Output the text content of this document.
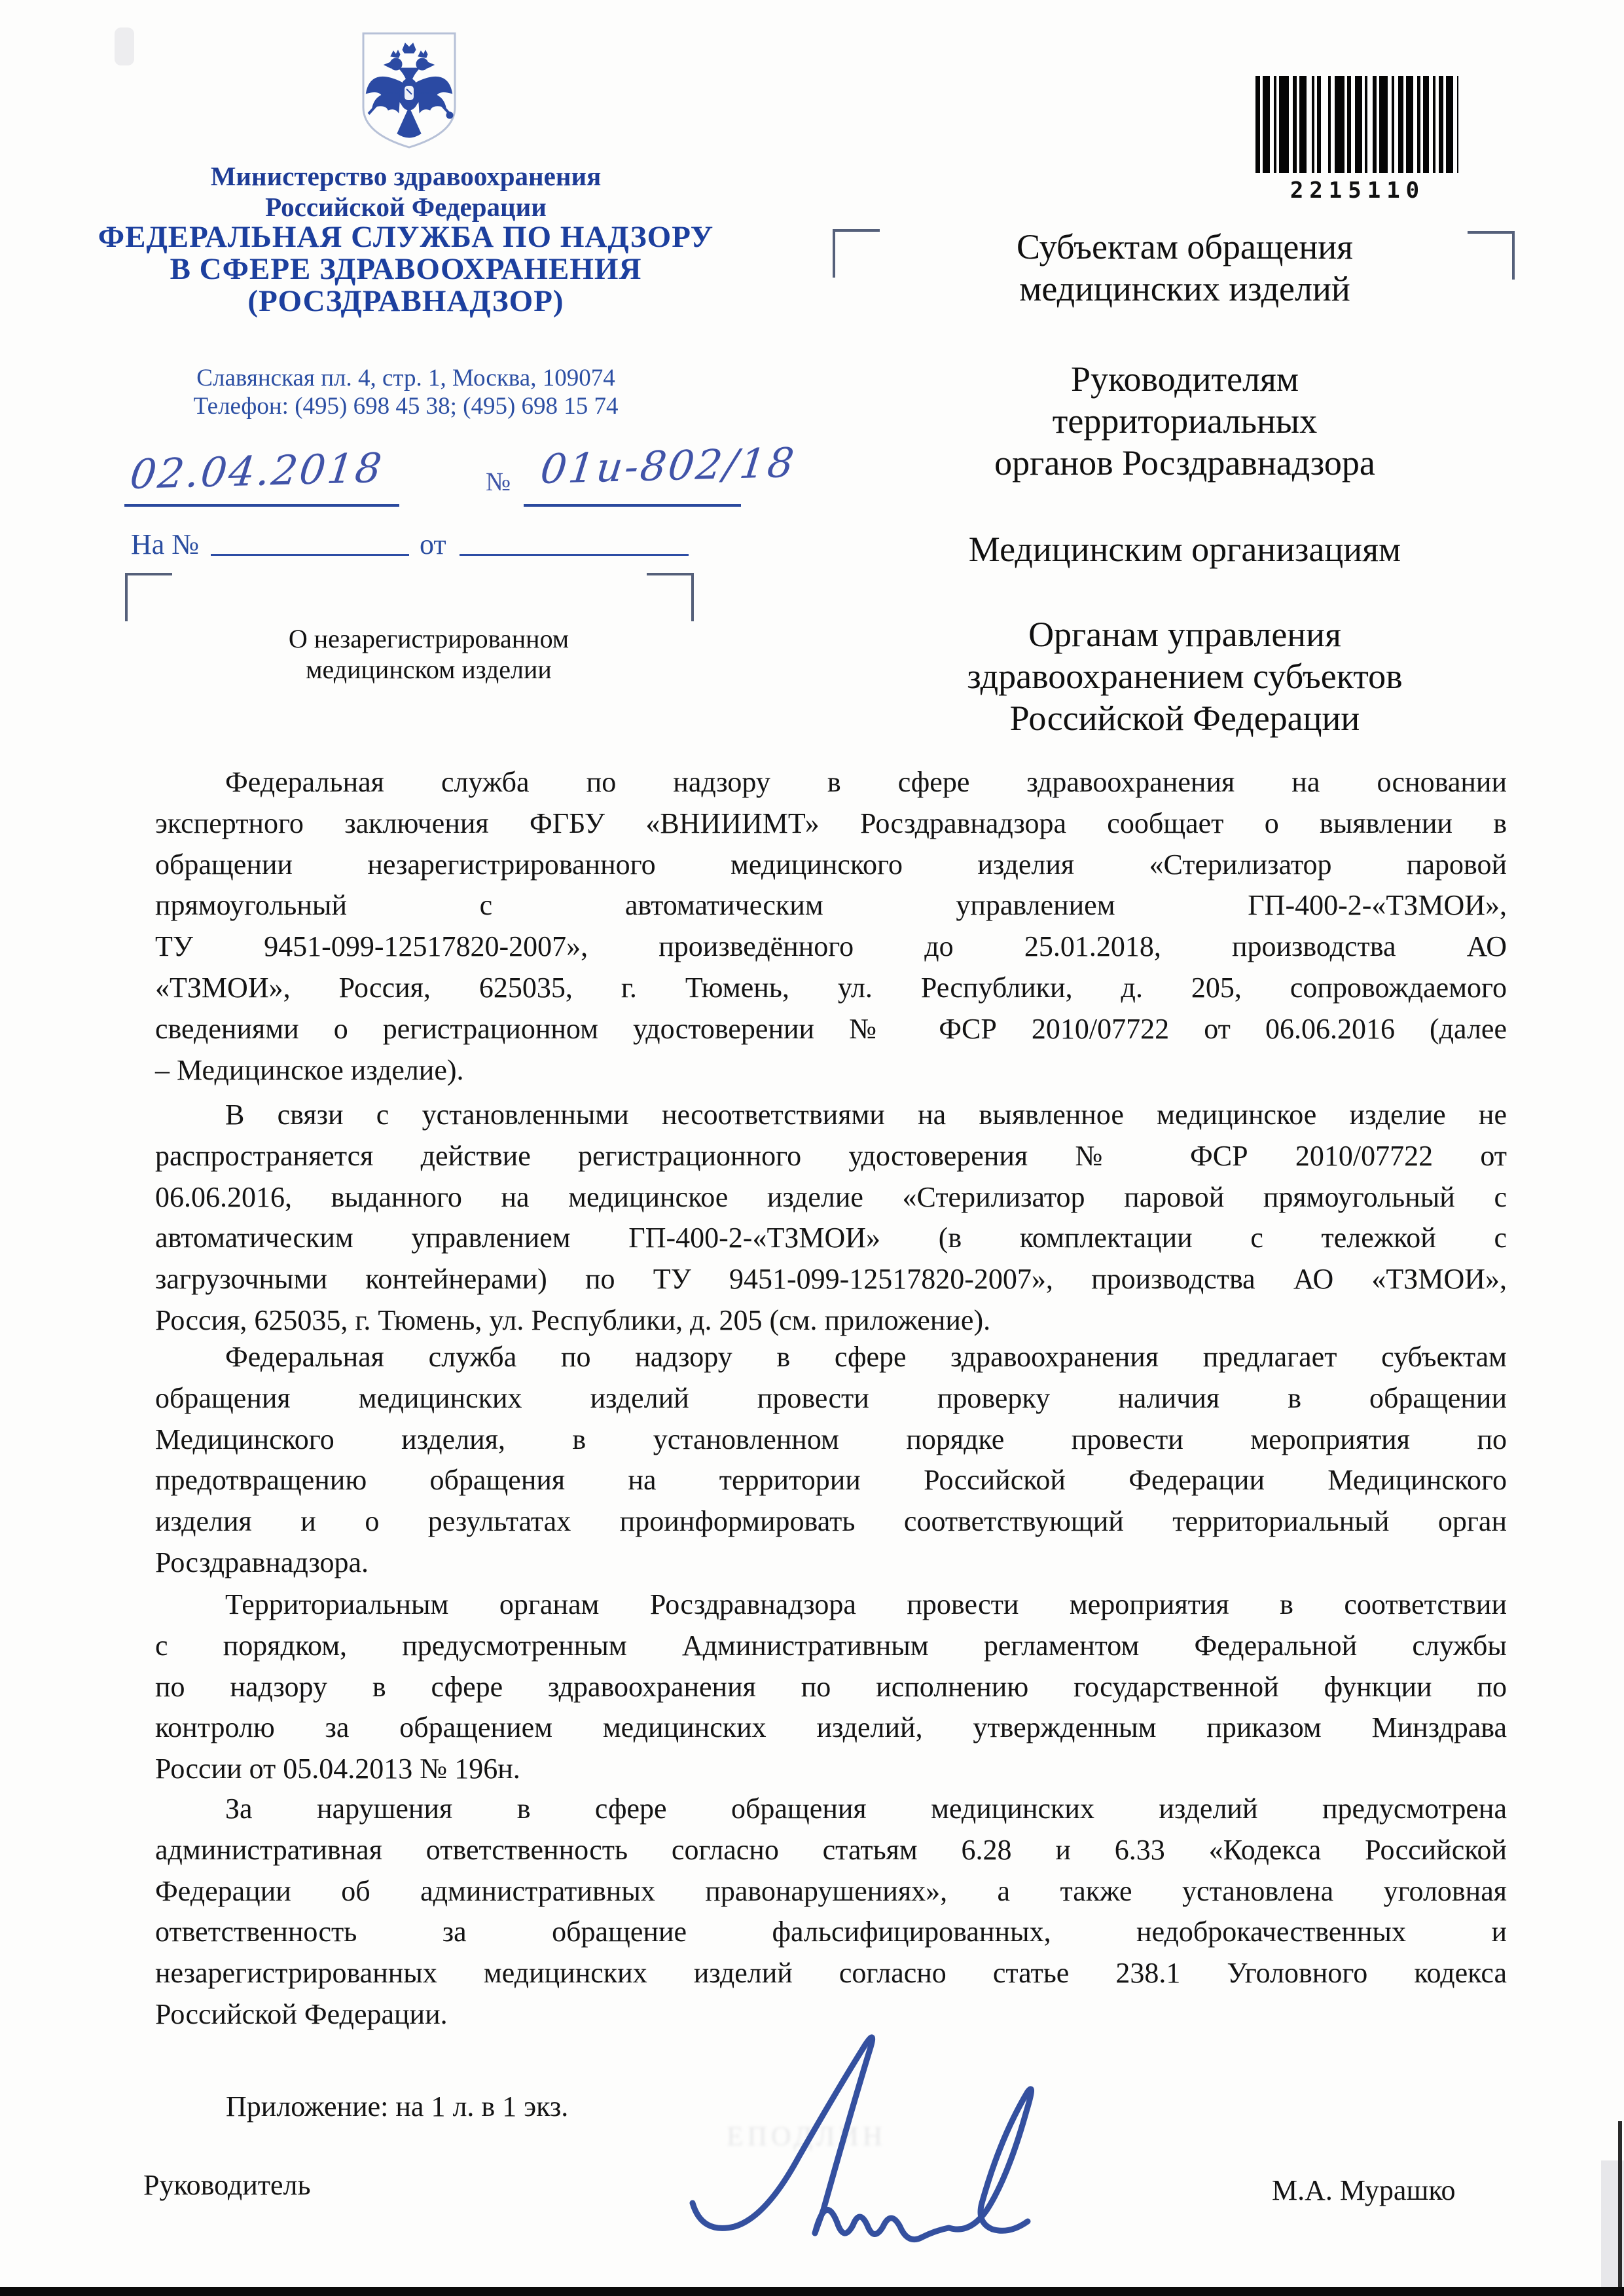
2215110
Министерство здравоохранения
Российской Федерации
ФЕДЕРАЛЬНАЯ СЛУЖБА ПО НАДЗОРУ
В СФЕРЕ ЗДРАВООХРАНЕНИЯ
(РОСЗДРАВНАДЗОР)
Славянская пл. 4, стр. 1, Москва, 109074
Телефон: (495) 698 45 38; (495) 698 15 74
02.04.2018	№ 01и-802/18
На №	от
Субъектам обращения
медицинских изделий
Руководителям
территориальных
органов Росздравнадзора
Медицинским организациям
Органам управления
здравоохранением субъектов
Российской Федерации
О незарегистрированном
медицинском изделии
Федеральная служба по надзору в сфере здравоохранения на основании
экспертного заключения ФГБУ «ВНИИИМТ» Росздравнадзора сообщает о выявлении в
обращении незарегистрированного медицинского изделия «Стерилизатор паровой
прямоугольный с автоматическим управлением ГП-400-2-«ТЗМОИ»,
ТУ 9451-099-12517820-2007», произведённого до 25.01.2018, производства АО
«ТЗМОИ», Россия, 625035, г. Тюмень, ул. Республики, д. 205, сопровождаемого
сведениями о регистрационном удостоверении № ФСР 2010/07722 от 06.06.2016 (далее
– Медицинское изделие).
В связи с установленными несоответствиями на выявленное медицинское изделие не
распространяется действие регистрационного удостоверения № ФСР 2010/07722 от
06.06.2016, выданного на медицинское изделие «Стерилизатор паровой прямоугольный с
автоматическим управлением ГП-400-2-«ТЗМОИ» (в комплектации с тележкой с
загрузочными контейнерами) по ТУ 9451-099-12517820-2007», производства АО «ТЗМОИ»,
Россия, 625035, г. Тюмень, ул. Республики, д. 205 (см. приложение).
Федеральная служба по надзору в сфере здравоохранения предлагает субъектам
обращения медицинских изделий провести проверку наличия в обращении
Медицинского изделия, в установленном порядке провести мероприятия по
предотвращению обращения на территории Российской Федерации Медицинского
изделия и о результатах проинформировать соответствующий территориальный орган
Росздравнадзора.
Территориальным органам Росздравнадзора провести мероприятия в соответствии
с порядком, предусмотренным Административным регламентом Федеральной службы
по надзору в сфере здравоохранения по исполнению государственной функции по
контролю за обращением медицинских изделий, утвержденным приказом Минздрава
России от 05.04.2013 № 196н.
За нарушения в сфере обращения медицинских изделий предусмотрена
административная ответственность согласно статьям 6.28 и 6.33 «Кодекса Российской
Федерации об административных правонарушениях», а также установлена уголовная
ответственность за обращение фальсифицированных, недоброкачественных и
незарегистрированных медицинских изделий согласно статье 238.1 Уголовного кодекса
Российской Федерации.
Приложение: на 1 л. в 1 экз.
Руководитель	М.А. Мурашко
ЕПОДЛИН
